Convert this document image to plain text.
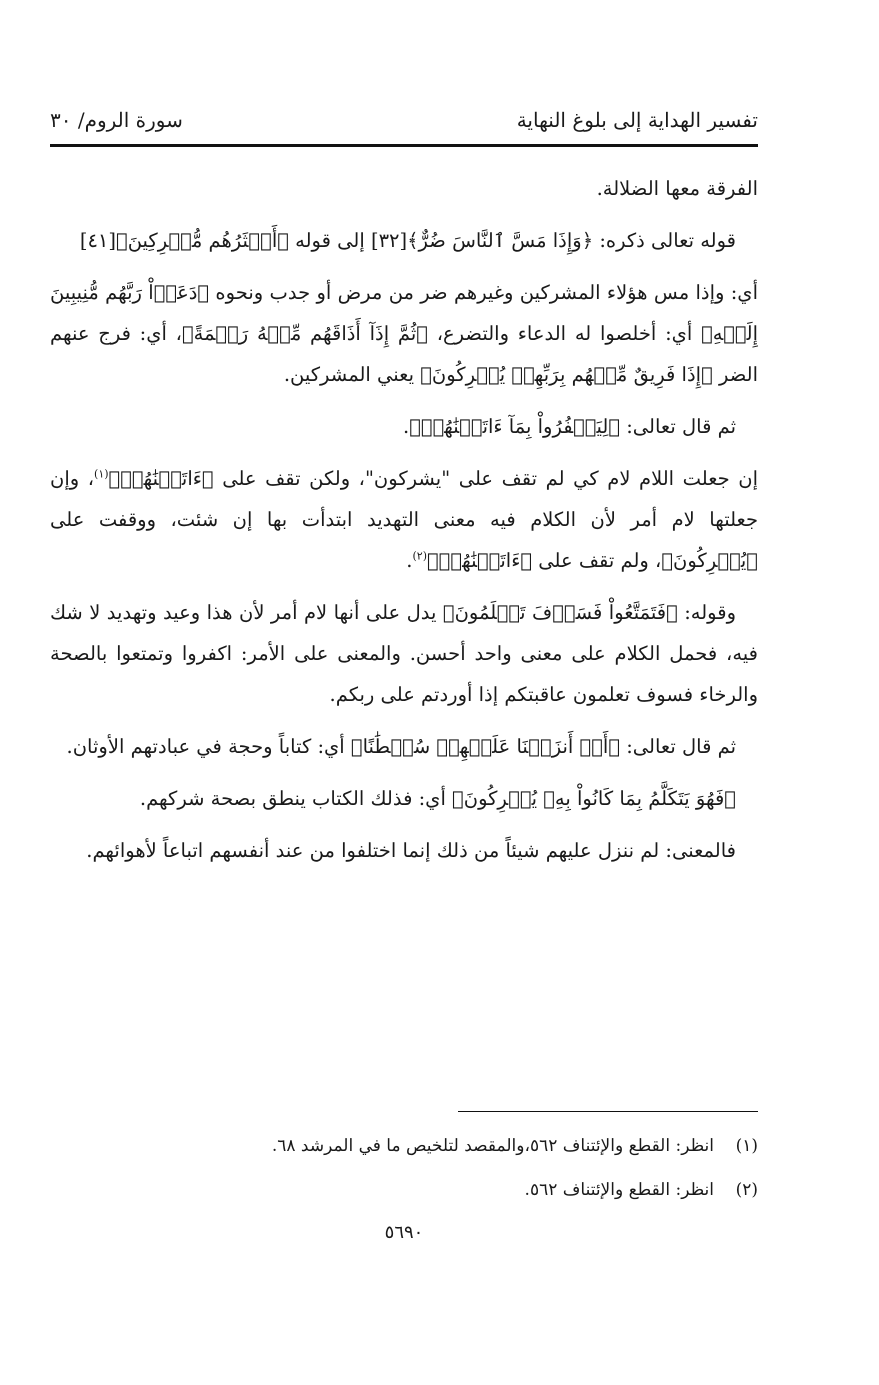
تفسير الهداية إلى بلوغ النهاية
سورة الروم/ ٣٠

الفرقة معها الضلالة.

قوله تعالى ذكره: ﴿وَإِذَا مَسَّ ٱلنَّاسَ ضُرٌّ﴾[٣٢] إلى قوله ﴿أَكۡثَرُهُم مُّشۡرِكِينَ﴾[٤١]

أي: وإذا مس هؤلاء المشركين وغيرهم ضر من مرض أو جدب ونحوه ﴿دَعَوۡاْ رَبَّهُم مُّنِيبِينَ إِلَيۡهِ﴾ أي: أخلصوا له الدعاء والتضرع، ﴿ثُمَّ إِذَآ أَذَاقَهُم مِّنۡهُ رَحۡمَةً﴾، أي: فرج عنهم الضر ﴿إِذَا فَرِيقٌ مِّنۡهُم بِرَبِّهِمۡ يُشۡرِكُونَ﴾ يعني المشركين.

ثم قال تعالى: ﴿لِيَكۡفُرُواْ بِمَآ ءَاتَيۡنَٰهُمۡ﴾.

إن جعلت اللام لام كي لم تقف على "يشركون"، ولكن تقف على ﴿ءَاتَيۡنَٰهُمۡ﴾$^{(١)}$، وإن جعلتها لام أمر لأن الكلام فيه معنى التهديد ابتدأت بها إن شئت، ووقفت على ﴿يُشۡرِكُونَ﴾، ولم تقف على ﴿ءَاتَيۡنَٰهُمۡ﴾$^{(٢)}$.

وقوله: ﴿فَتَمَتَّعُواْ فَسَوۡفَ تَعۡلَمُونَ﴾ يدل على أنها لام أمر لأن هذا وعيد وتهديد لا شك فيه، فحمل الكلام على معنى واحد أحسن. والمعنى على الأمر: اكفروا وتمتعوا بالصحة والرخاء فسوف تعلمون عاقبتكم إذا أوردتم على ربكم.

ثم قال تعالى: ﴿أَمۡ أَنزَلۡنَا عَلَيۡهِمۡ سُلۡطَٰنًا﴾ أي: كتاباً وحجة في عبادتهم الأوثان.

﴿فَهُوَ يَتَكَلَّمُ بِمَا كَانُواْ بِهِۦ يُشۡرِكُونَ﴾ أي: فذلك الكتاب ينطق بصحة شركهم.

فالمعنى: لم ننزل عليهم شيئاً من ذلك إنما اختلفوا من عند أنفسهم اتباعاً لأهوائهم.

(١)انظر: القطع والإئتناف ٥٦٢،والمقصد لتلخيص ما في المرشد ٦٨.
(٢)انظر: القطع والإئتناف ٥٦٢.
٥٦٩٠
